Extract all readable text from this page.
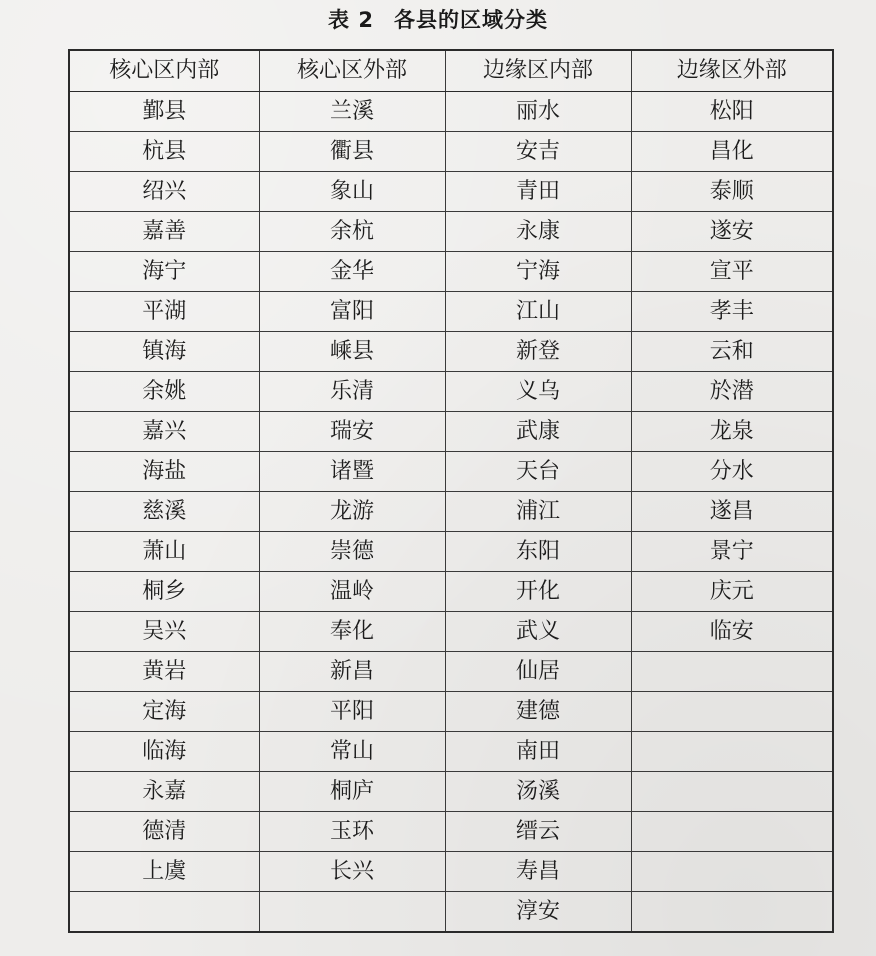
表 2 各县的区域分类
核心区内部	核心区外部	边缘区内部	边缘区外部
鄞县	兰溪	丽水	松阳
杭县	衢县	安吉	昌化
绍兴	象山	青田	泰顺
嘉善	余杭	永康	遂安
海宁	金华	宁海	宣平
平湖	富阳	江山	孝丰
镇海	嵊县	新登	云和
余姚	乐清	义乌	於潜
嘉兴	瑞安	武康	龙泉
海盐	诸暨	天台	分水
慈溪	龙游	浦江	遂昌
萧山	崇德	东阳	景宁
桐乡	温岭	开化	庆元
吴兴	奉化	武义	临安
黄岩	新昌	仙居	
定海	平阳	建德	
临海	常山	南田	
永嘉	桐庐	汤溪	
德清	玉环	缙云	
上虞	长兴	寿昌	
		淳安	
